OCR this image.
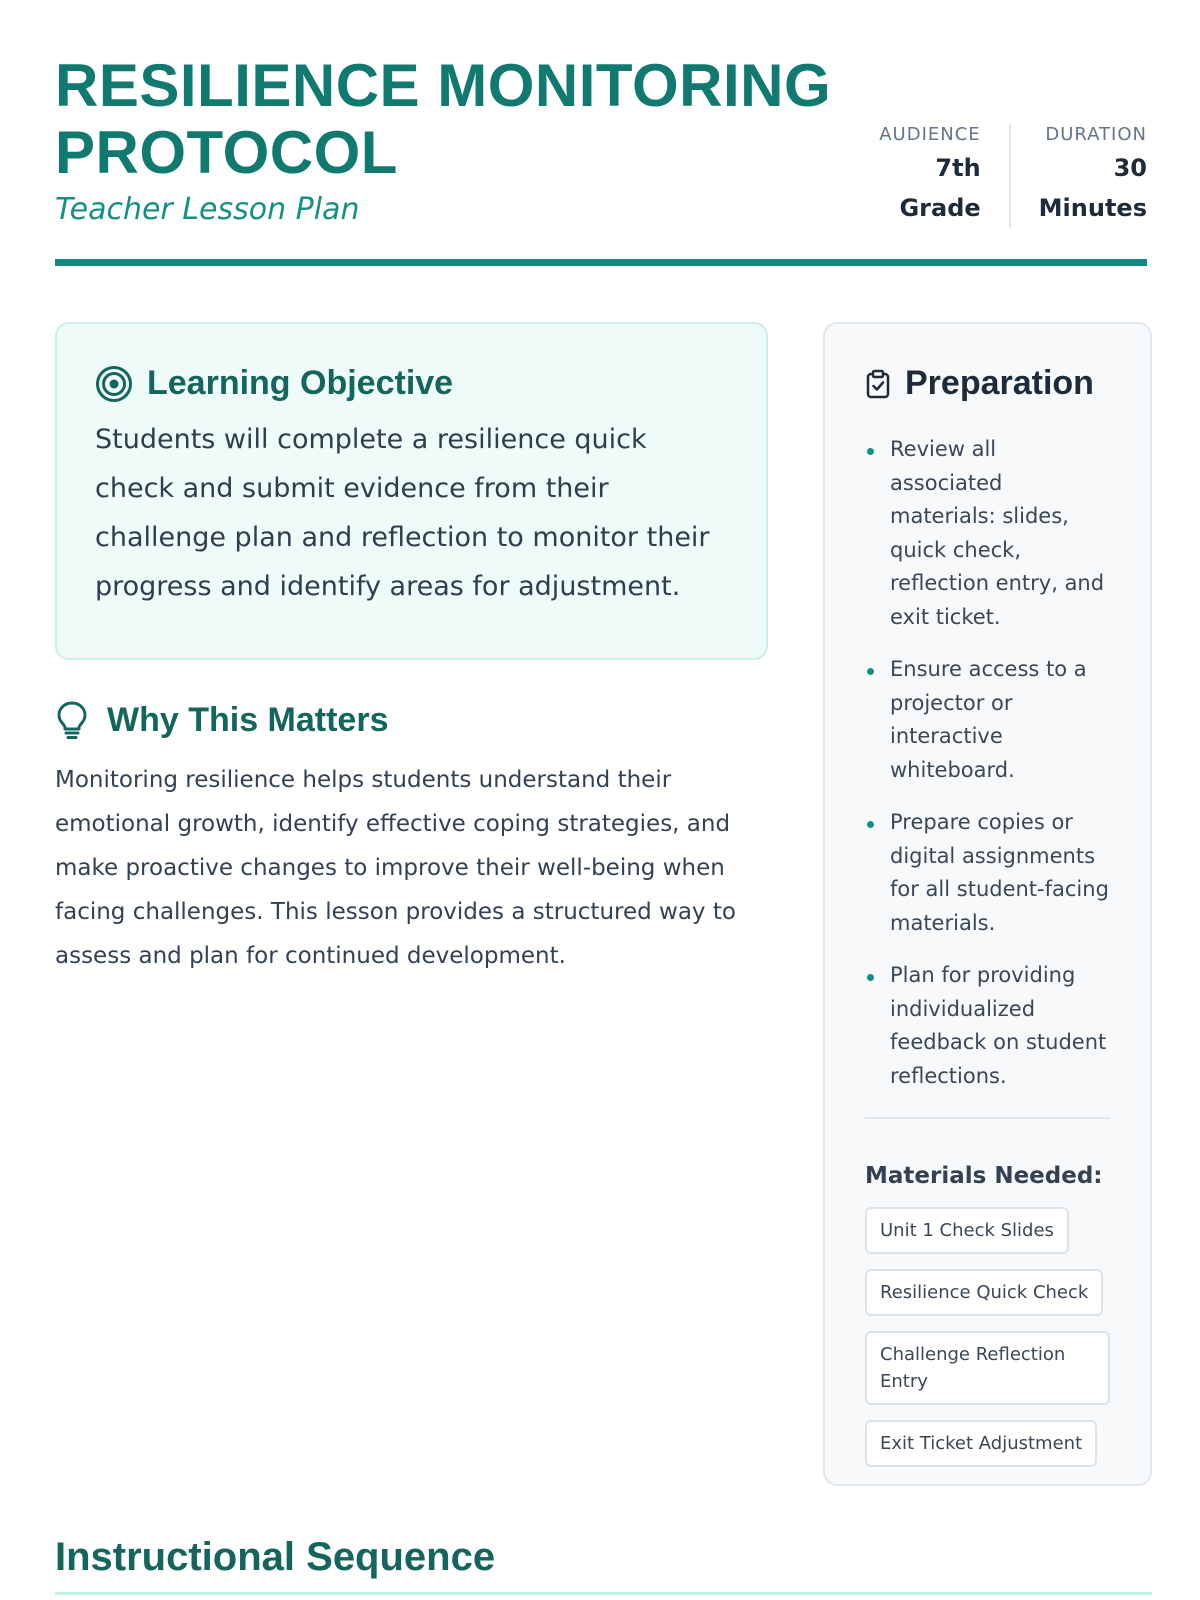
RESILIENCE MONITORING PROTOCOL
Teacher Lesson Plan
AUDIENCE
7th
Grade
DURATION
30
Minutes
Learning Objective

Students will complete a resilience quick check and submit evidence from their challenge plan and reflection to monitor their progress and identify areas for adjustment.

Why This Matters

Monitoring resilience helps students understand their emotional growth, identify effective coping strategies, and make proactive changes to improve their well-being when facing challenges. This lesson provides a structured way to assess and plan for continued development.

Preparation
Review all associated materials: slides, quick check, reflection entry, and exit ticket.
Ensure access to a projector or interactive whiteboard.
Prepare copies or digital assignments for all student-facing materials.
Plan for providing individualized feedback on student reflections.
Materials Needed:
Unit 1 Check Slides
Resilience Quick Check
Challenge Reflection Entry
Exit Ticket Adjustment
Instructional Sequence
